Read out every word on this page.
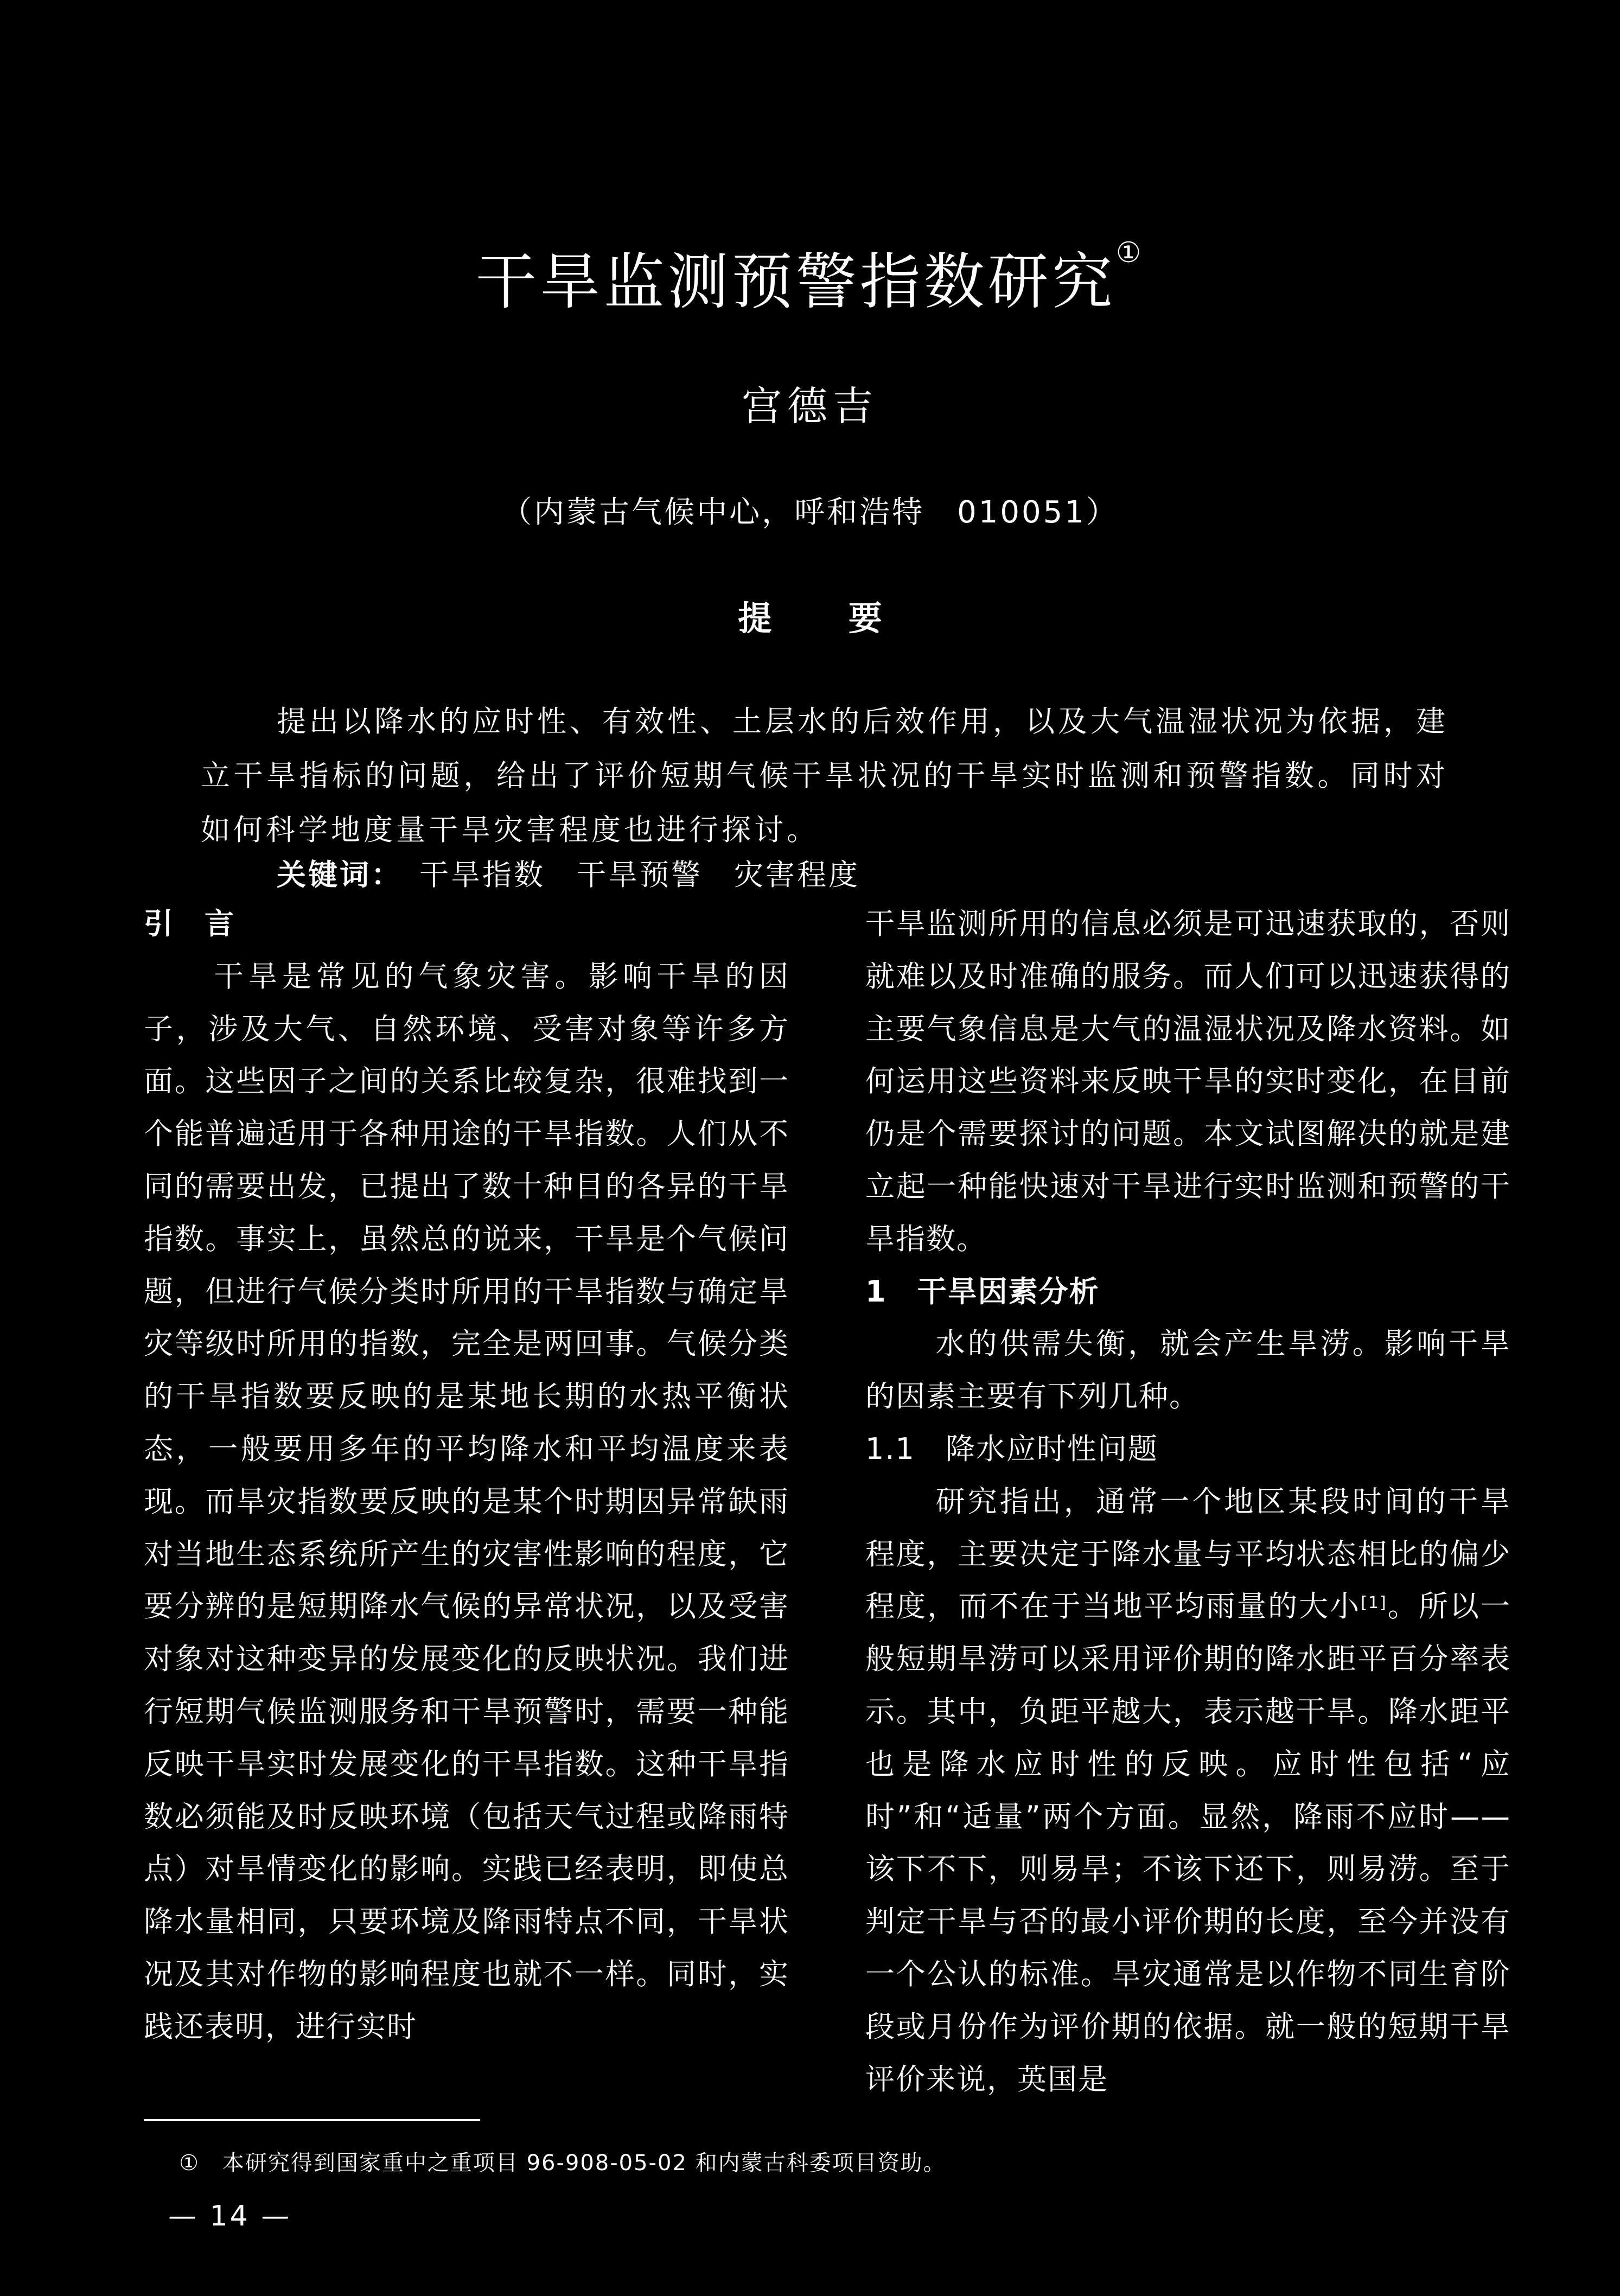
干旱监测预警指数研究①
宫德吉
（内蒙古气候中心，呼和浩特　010051）
提 要

提出以降水的应时性、有效性、土层水的后效作用，以及大气温湿状况为依据，建立干旱指标的问题，给出了评价短期气候干旱状况的干旱实时监测和预警指数。同时对如何科学地度量干旱灾害程度也进行探讨。

关键词：　 干旱指数　干旱预警　灾害程度

引　言

干旱是常见的气象灾害。影响干旱的因子，涉及大气、自然环境、受害对象等许多方面。这些因子之间的关系比较复杂，很难找到一个能普遍适用于各种用途的干旱指数。人们从不同的需要出发，已提出了数十种目的各异的干旱指数。事实上，虽然总的说来，干旱是个气候问题，但进行气候分类时所用的干旱指数与确定旱灾等级时所用的指数，完全是两回事。气候分类的干旱指数要反映的是某地长期的水热平衡状态，一般要用多年的平均降水和平均温度来表现。而旱灾指数要反映的是某个时期因异常缺雨对当地生态系统所产生的灾害性影响的程度，它要分辨的是短期降水气候的异常状况，以及受害对象对这种变异的发展变化的反映状况。我们进行短期气候监测服务和干旱预警时，需要一种能反映干旱实时发展变化的干旱指数。这种干旱指数必须能及时反映环境（包括天气过程或降雨特点）对旱情变化的影响。实践已经表明，即使总降水量相同，只要环境及降雨特点不同，干旱状况及其对作物的影响程度也就不一样。同时，实践还表明，进行实时

干旱监测所用的信息必须是可迅速获取的，否则就难以及时准确的服务。而人们可以迅速获得的主要气象信息是大气的温湿状况及降水资料。如何运用这些资料来反映干旱的实时变化，在目前仍是个需要探讨的问题。本文试图解决的就是建立起一种能快速对干旱进行实时监测和预警的干旱指数。

1　干旱因素分析

水的供需失衡，就会产生旱涝。影响干旱的因素主要有下列几种。

1.1　降水应时性问题

研究指出，通常一个地区某段时间的干旱程度，主要决定于降水量与平均状态相比的偏少程度，而不在于当地平均雨量的大小[1]。所以一般短期旱涝可以采用评价期的降水距平百分率表示。其中，负距平越大，表示越干旱。降水距平也是降水应时性的反映。应时性包括“应时”和“适量”两个方面。显然，降雨不应时——该下不下，则易旱；不该下还下，则易涝。至于判定干旱与否的最小评价期的长度，至今并没有一个公认的标准。旱灾通常是以作物不同生育阶段或月份作为评价期的依据。就一般的短期干旱评价来说，英国是

①　本研究得到国家重中之重项目 96-908-05-02 和内蒙古科委项目资助。
— 14 —
